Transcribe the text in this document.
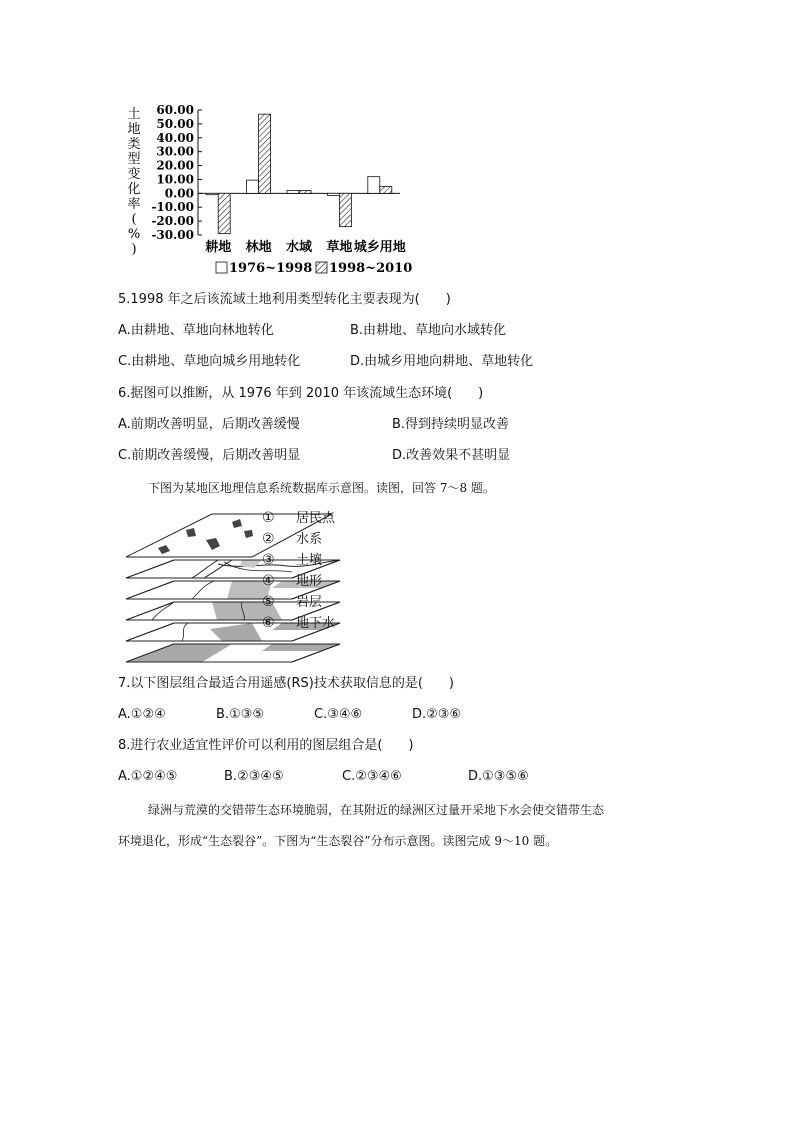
土
地
类
型
变
化
率
(
%
)
60.00
50.00
40.00
30.00
20.00
10.00
0.00
-10.00
-20.00
-30.00
耕地 林地 水域 草地 城乡用地
1976~1998 1998~2010
5.1998 年之后该流域土地利用类型转化主要表现为(　　)
A.由耕地、草地向林地转化	B.由耕地、草地向水域转化
C.由耕地、草地向城乡用地转化	D.由城乡用地向耕地、草地转化
6.据图可以推断，从 1976 年到 2010 年该流域生态环境(　　)
A.前期改善明显，后期改善缓慢	B.得到持续明显改善
C.前期改善缓慢，后期改善明显	D.改善效果不甚明显
下图为某地区地理信息系统数据库示意图。读图，回答 7～8 题。
① 居民点
② 水系
③ 土壤
④ 地形
⑤ 岩层
⑥ 地下水
7.以下图层组合最适合用遥感(RS)技术获取信息的是(　　)
A.①②④	B.①③⑤	C.③④⑥	D.②③⑥
8.进行农业适宜性评价可以利用的图层组合是(　　)
A.①②④⑤	B.②③④⑤	C.②③④⑥	D.①③⑤⑥
绿洲与荒漠的交错带生态环境脆弱，在其附近的绿洲区过量开采地下水会使交错带生态
环境退化，形成“生态裂谷”。下图为“生态裂谷”分布示意图。读图完成 9～10 题。
